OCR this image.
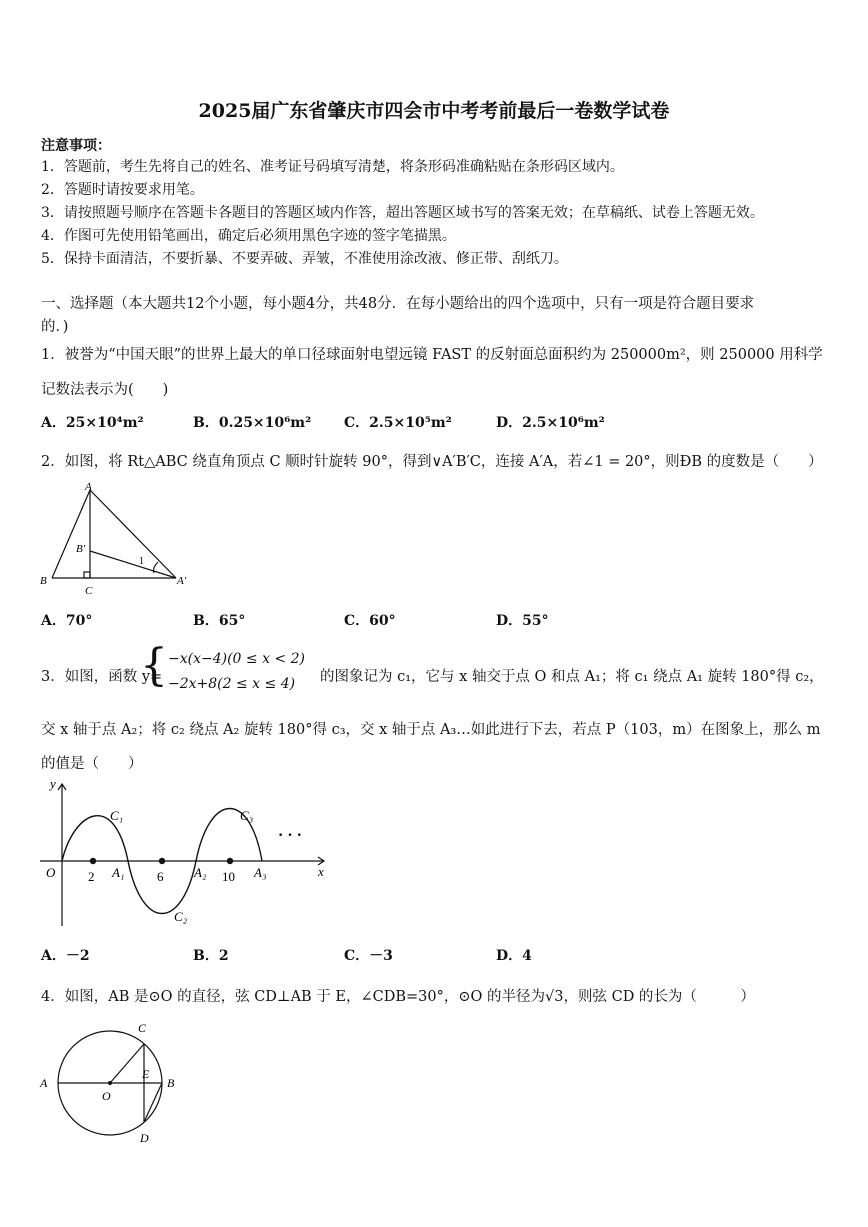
2025届广东省肇庆市四会市中考考前最后一卷数学试卷
注意事项：
1．答题前，考生先将自己的姓名、准考证号码填写清楚，将条形码准确粘贴在条形码区域内。
2．答题时请按要求用笔。
3．请按照题号顺序在答题卡各题目的答题区域内作答，超出答题区域书写的答案无效；在草稿纸、试卷上答题无效。
4．作图可先使用铅笔画出，确定后必须用黑色字迹的签字笔描黑。
5．保持卡面清洁，不要折暴、不要弄破、弄皱，不准使用涂改液、修正带、刮纸刀。
一、选择题（本大题共12个小题，每小题4分，共48分．在每小题给出的四个选项中，只有一项是符合题目要求
的．)
1．被誉为“中国天眼”的世界上最大的单口径球面射电望远镜 FAST 的反射面总面积约为 250000m²，则 250000 用科学
记数法表示为(　　)
A．25×10⁴m²	B．0.25×10⁶m² C．2.5×10⁵m²	D．2.5×10⁶m²
2．如图，将 Rt△ABC 绕直角顶点 C 顺时针旋转 90°，得到∨A′B′C，连接 A′A，若∠1 = 20°，则ÐB 的度数是（　　）
A
B′
1
B
C
A′
A．70°	B．65°	C．60°	D．55°
3．如图，函数 y=
{ −x(x−4)(0 ≤ x < 2)
−2x+8(2 ≤ x ≤ 4) 的图象记为 c₁，它与 x 轴交于点 O 和点 A₁；将 c₁ 绕点 A₁ 旋转 180°得 c₂，
交 x 轴于点 A₂；将 c₂ 绕点 A₂ 旋转 180°得 c₃，交 x 轴于点 A₃…如此进行下去，若点 P（103，m）在图象上，那么 m
的值是（　　）
y
x
O	2 A₁	6 A₂ 10 A₃
C₁
C₂
C₃
· · ·
A．－2	B．2	C．－3	D．4
4．如图，AB 是⊙O 的直径，弦 CD⊥AB 于 E，∠CDB=30°，⊙O 的半径为√3，则弦 CD 的长为（　　　）
A	B
C
D
E
O
